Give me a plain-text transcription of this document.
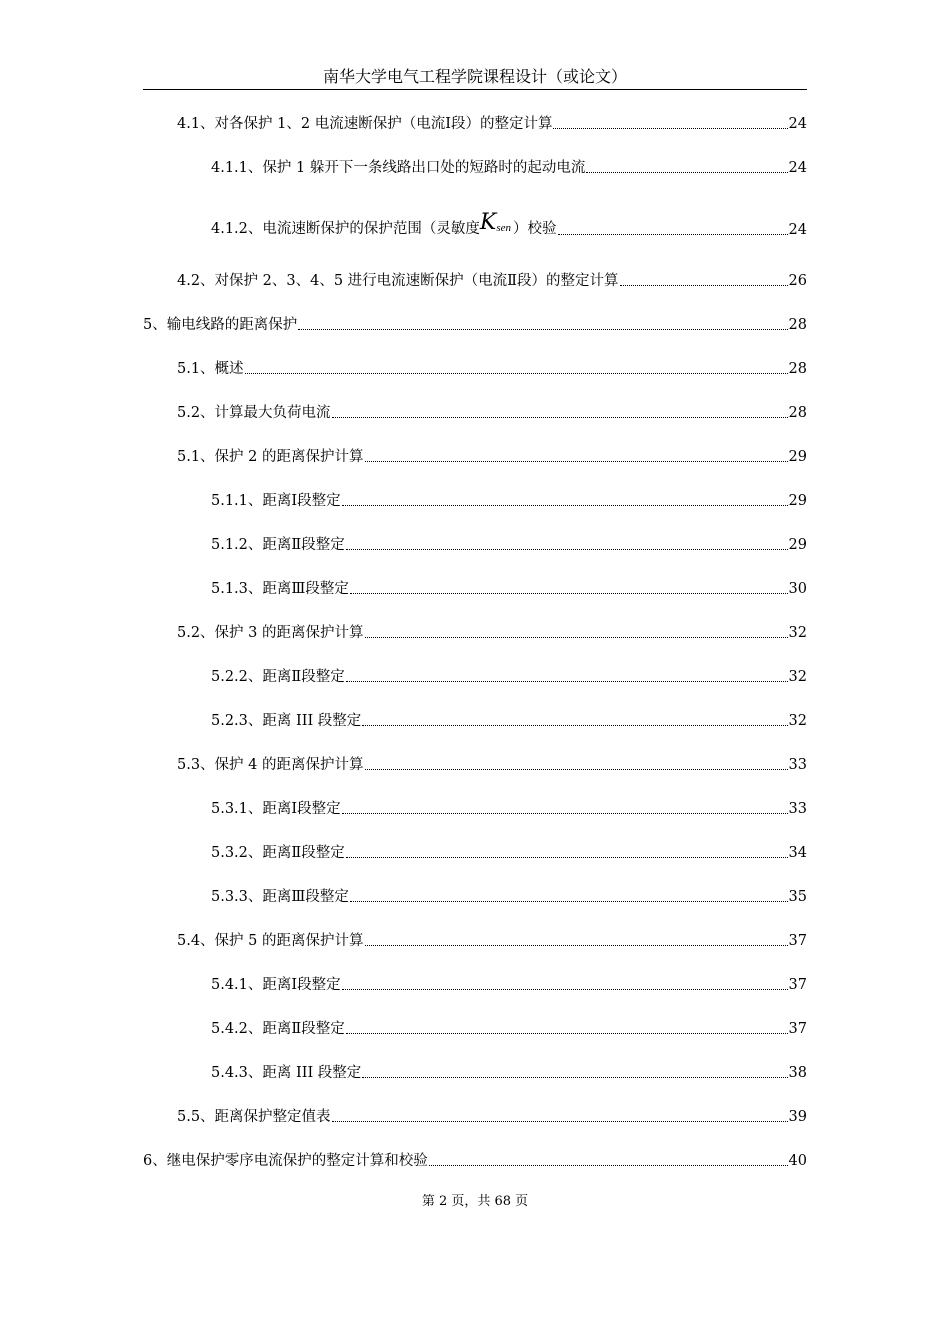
南华大学电气工程学院课程设计（或论文）
4.1、对各保护 1、2 电流速断保护（电流Ⅰ段）的整定计算	24
4.1.1、保护 1 躲开下一条线路出口处的短路时的起动电流	24
4.1.2、电流速断保护的保护范围（灵敏度Ksen ）校验	24
4.2、对保护 2、3、4、5 进行电流速断保护（电流Ⅱ段）的整定计算	26
5、输电线路的距离保护	28
5.1、概述	28
5.2、计算最大负荷电流	28
5.1、保护 2 的距离保护计算	29
5.1.1、距离Ⅰ段整定	29
5.1.2、距离Ⅱ段整定	29
5.1.3、距离Ⅲ段整定	30
5.2、保护 3 的距离保护计算	32
5.2.2、距离Ⅱ段整定	32
5.2.3、距离 III 段整定	32
5.3、保护 4 的距离保护计算	33
5.3.1、距离Ⅰ段整定	33
5.3.2、距离Ⅱ段整定	34
5.3.3、距离Ⅲ段整定	35
5.4、保护 5 的距离保护计算	37
5.4.1、距离Ⅰ段整定	37
5.4.2、距离Ⅱ段整定	37
5.4.3、距离 III 段整定	38
5.5、距离保护整定值表	39
6、继电保护零序电流保护的整定计算和校验	40
第 2 页，共 68 页
